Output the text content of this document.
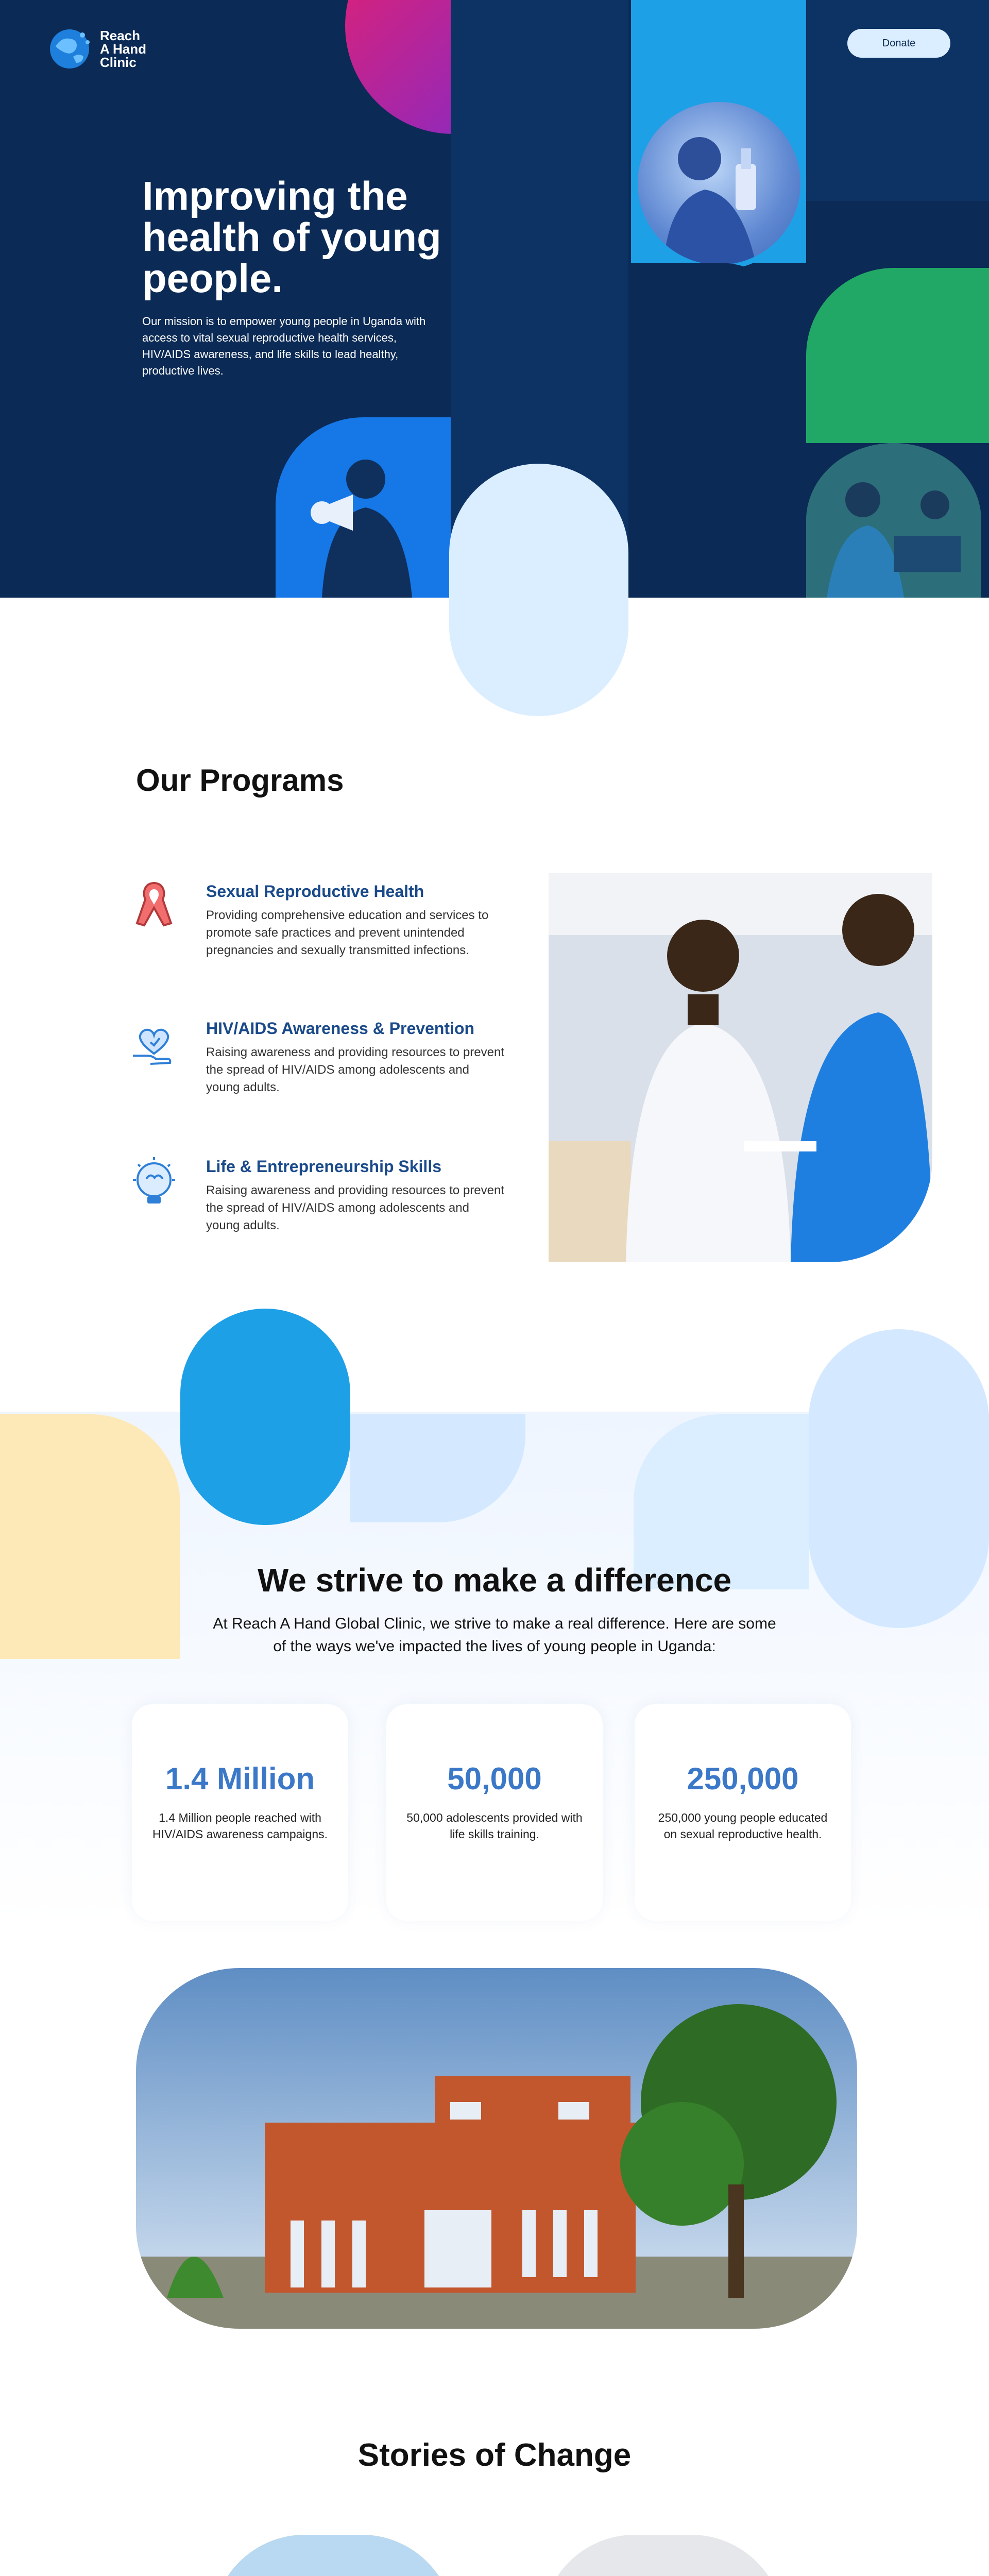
Reach
A Hand
Clinic
Donate
Improving the health of young people.

Our mission is to empower young people in Uganda with access to vital sexual reproductive health services, HIV/AIDS awareness, and life skills to lead healthy, productive lives.

Our Programs
Sexual Reproductive Health
Providing comprehensive education and services to promote safe practices and prevent unintended pregnancies and sexually transmitted infections.
HIV/AIDS Awareness & Prevention
Raising awareness and providing resources to prevent the spread of HIV/AIDS among adolescents and young adults.
Life & Entrepreneurship Skills
Raising awareness and providing resources to prevent the spread of HIV/AIDS among adolescents and young adults.
We strive to make a difference

At Reach A Hand Global Clinic, we strive to make a real difference. Here are some of the ways we've impacted the lives of young people in Uganda:

1.4 Million
1.4 Million people reached with HIV/AIDS awareness campaigns.
50,000
50,000 adolescents provided with life skills training.
250,000
250,000 young people educated on sexual reproductive health.
Stories of Change
